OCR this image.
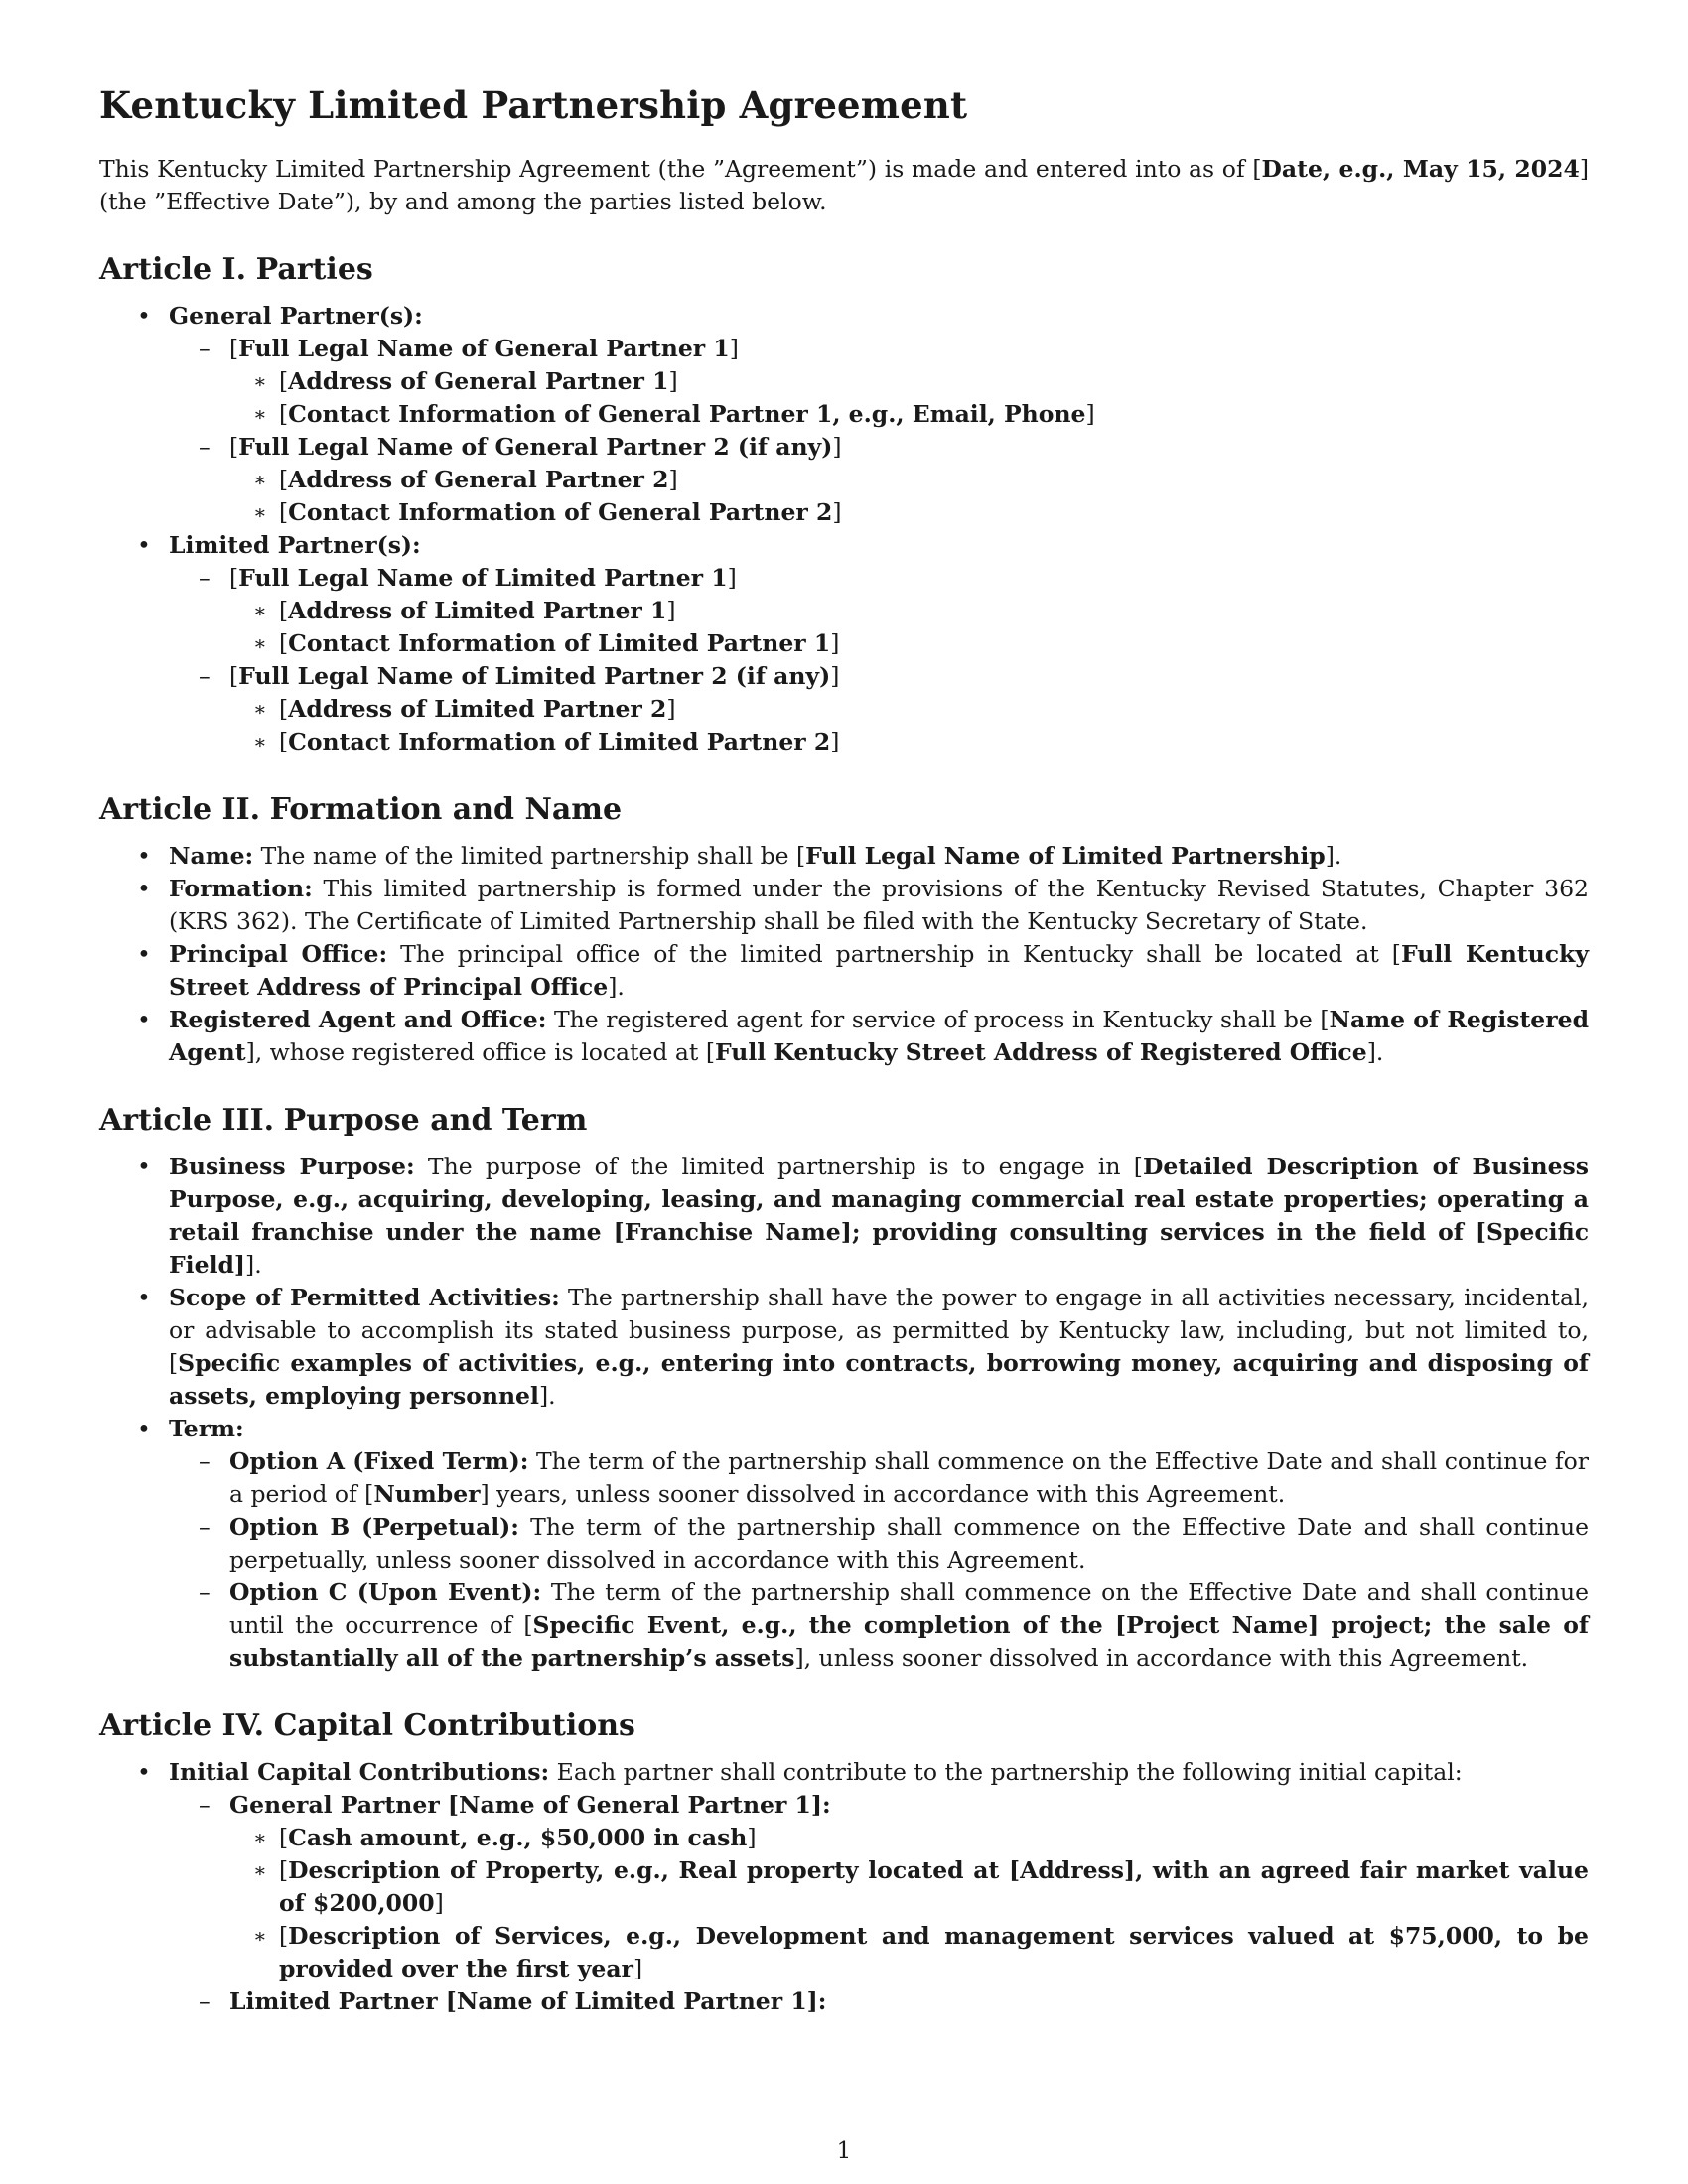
Kentucky Limited Partnership Agreement

This Kentucky Limited Partnership Agreement (the ”Agreement”) is made and entered into as of [Date, e.g., May 15, 2024] (the ”Effective Date”), by and among the parties listed below.

Article I. Parties
• General Partner(s):
– [Full Legal Name of General Partner 1]
∗ [Address of General Partner 1]
∗ [Contact Information of General Partner 1, e.g., Email, Phone]
– [Full Legal Name of General Partner 2 (if any)]
∗ [Address of General Partner 2]
∗ [Contact Information of General Partner 2]
• Limited Partner(s):
– [Full Legal Name of Limited Partner 1]
∗ [Address of Limited Partner 1]
∗ [Contact Information of Limited Partner 1]
– [Full Legal Name of Limited Partner 2 (if any)]
∗ [Address of Limited Partner 2]
∗ [Contact Information of Limited Partner 2]
Article II. Formation and Name
• Name: The name of the limited partnership shall be [Full Legal Name of Limited Partnership].
• Formation: This limited partnership is formed under the provisions of the Kentucky Revised Statutes, Chapter 362 (KRS 362). The Certificate of Limited Partnership shall be filed with the Kentucky Secretary of State.
• Principal Office: The principal office of the limited partnership in Kentucky shall be located at [Full Kentucky Street Address of Principal Office].
• Registered Agent and Office: The registered agent for service of process in Kentucky shall be [Name of Registered Agent], whose registered office is located at [Full Kentucky Street Address of Registered Office].
Article III. Purpose and Term
• Business Purpose: The purpose of the limited partnership is to engage in [Detailed Description of Business Purpose, e.g., acquiring, developing, leasing, and managing commercial real estate properties; operating a retail franchise under the name [Franchise Name]; providing consulting services in the field of [Specific Field]].
• Scope of Permitted Activities: The partnership shall have the power to engage in all activities necessary, incidental, or advisable to accomplish its stated business purpose, as permitted by Kentucky law, including, but not limited to, [Specific examples of activities, e.g., entering into contracts, borrowing money, acquiring and disposing of assets, employing personnel].
• Term:
– Option A (Fixed Term): The term of the partnership shall commence on the Effective Date and shall continue for a period of [Number] years, unless sooner dissolved in accordance with this Agreement.
– Option B (Perpetual): The term of the partnership shall commence on the Effective Date and shall continue perpetually, unless sooner dissolved in accordance with this Agreement.
– Option C (Upon Event): The term of the partnership shall commence on the Effective Date and shall continue until the occurrence of [Specific Event, e.g., the completion of the [Project Name] project; the sale of substantially all of the partnership’s assets], unless sooner dissolved in accordance with this Agreement.
Article IV. Capital Contributions
• Initial Capital Contributions: Each partner shall contribute to the partnership the following initial capital:
– General Partner [Name of General Partner 1]:
∗ [Cash amount, e.g., $50,000 in cash]
∗ [Description of Property, e.g., Real property located at [Address], with an agreed fair market value of $200,000]
∗ [Description of Services, e.g., Development and management services valued at $75,000, to be provided over the first year]
– Limited Partner [Name of Limited Partner 1]:
1
